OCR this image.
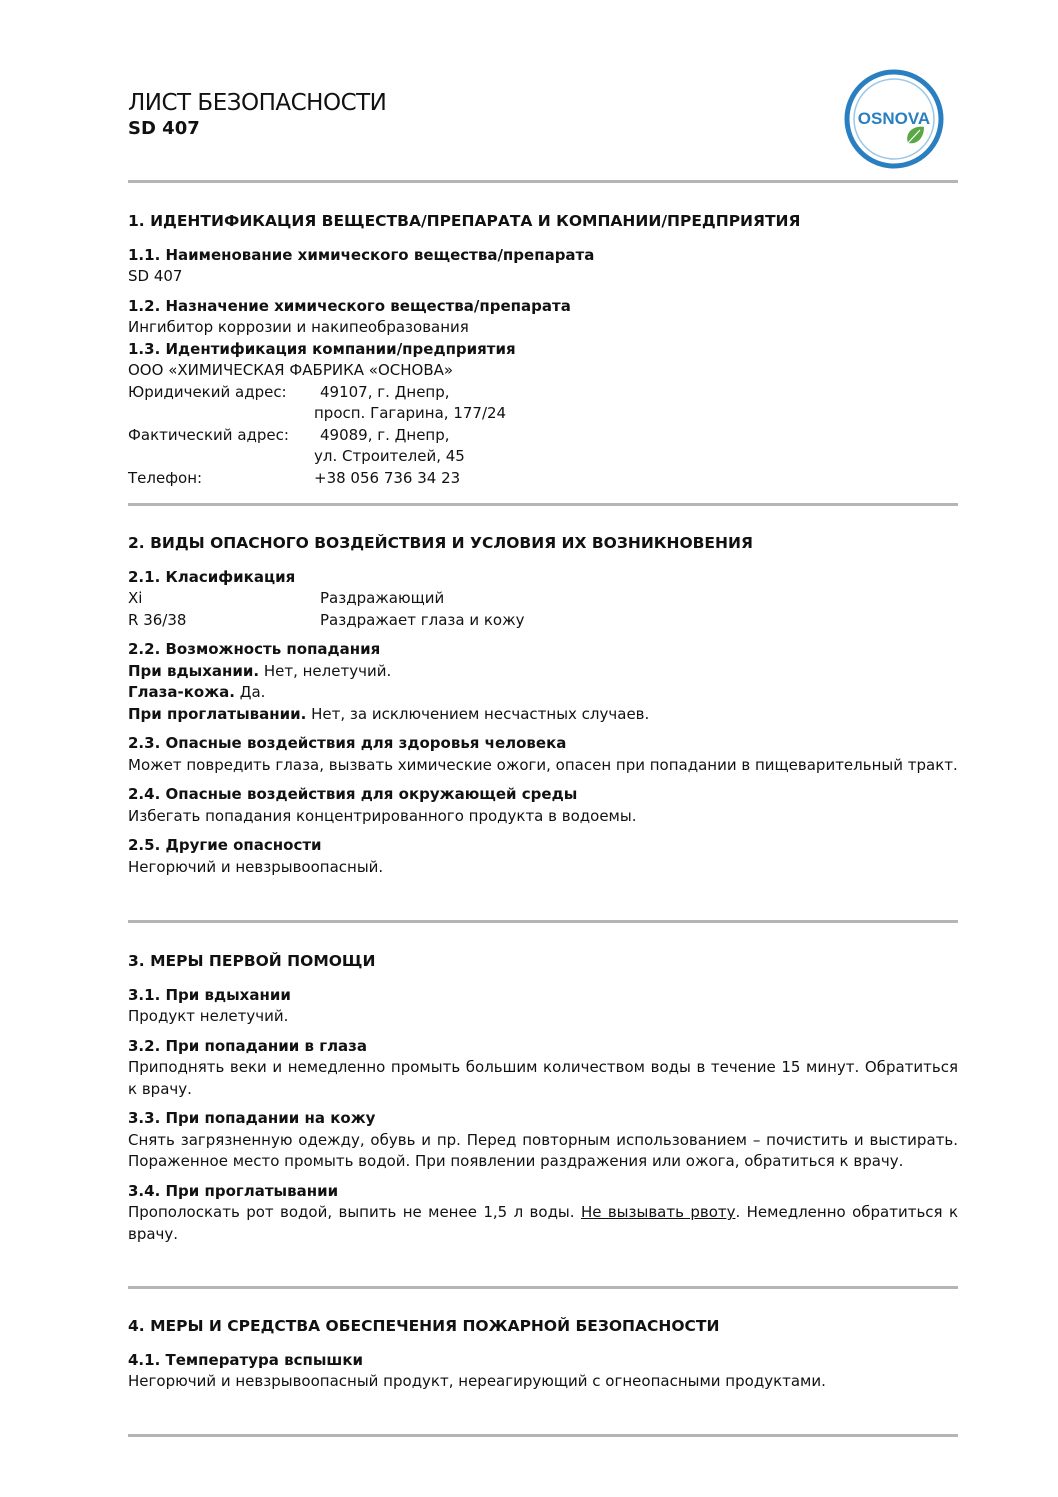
ЛИСТ БЕЗОПАСНОСТИ
SD 407	OSNOVA
1. ИДЕНТИФИКАЦИЯ ВЕЩЕСТВА/ПРЕПАРАТА И КОМПАНИИ/ПРЕДПРИЯТИЯ
1.1. Наименование химического вещества/препарата
SD 407
1.2. Назначение химического вещества/препарата
Ингибитор коррозии и накипеобразования
1.3. Идентификация компании/предприятия
ООО «ХИМИЧЕСКАЯ ФАБРИКА «ОСНОВА»
Юридичекий адрес:	49107, г. Днепр,
просп. Гагарина, 177/24
Фактический адрес:	49089, г. Днепр,
ул. Строителей, 45
Телефон:	+38 056 736 34 23
2. ВИДЫ ОПАСНОГО ВОЗДЕЙСТВИЯ И УСЛОВИЯ ИХ ВОЗНИКНОВЕНИЯ
2.1. Класификация
Xi	Раздражающий
R 36/38	Раздражает глаза и кожу
2.2. Возможность попадания
При вдыхании. Нет, нелетучий.
Глаза-кожа. Да.
При проглатывании. Нет, за исключением несчастных случаев.
2.3. Опасные воздействия для здоровья человека
Может повредить глаза, вызвать химические ожоги, опасен при попадании в пищеварительный тракт.
2.4. Опасные воздействия для окружающей среды
Избегать попадания концентрированного продукта в водоемы.
2.5. Другие опасности
Негорючий и невзрывоопасный.
3. МЕРЫ ПЕРВОЙ ПОМОЩИ
3.1. При вдыхании
Продукт нелетучий.
3.2. При попадании в глаза
Приподнять веки и немедленно промыть большим количеством воды в течение 15 минут. Обратиться к врачу.
3.3. При попадании на кожу
Снять загрязненную одежду, обувь и пр. Перед повторным использованием – почистить и выстирать. Пораженное место промыть водой. При появлении раздражения или ожога, обратиться к врачу.
3.4. При проглатывании
Прополоскать рот водой, выпить не менее 1,5 л воды. Не вызывать рвоту. Немедленно обратиться к врачу.
4. МЕРЫ И СРЕДСТВА ОБЕСПЕЧЕНИЯ ПОЖАРНОЙ БЕЗОПАСНОСТИ
4.1. Температура вспышки
Негорючий и невзрывоопасный продукт, нереагирующий с огнеопасными продуктами.
